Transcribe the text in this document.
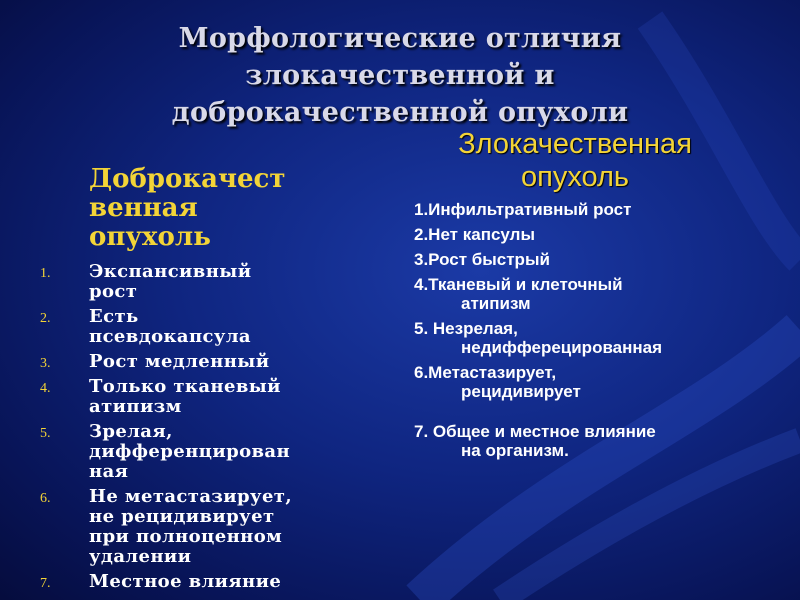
Морфологические отличия
злокачественной и
доброкачественной опухоли
Доброкачест
венная
опухоль
1.	Экспансивный
рост
2.	Есть
псевдокапсула
3.	Рост медленный
4.	Только тканевый
атипизм
5.	Зрелая,
дифференцирован
ная
6.	Не метастазирует,
не рецидивирует
при полноценном
удалении
7.	Местное влияние
Злокачественная
опухоль
1.Инфильтративный рост
2.Нет капсулы
3.Рост быстрый
4.Тканевый и клеточный
атипизм
5. Незрелая,
недифферецированная
6.Метастазирует,
рецидивирует
7. Общее и местное влияние
на организм.
